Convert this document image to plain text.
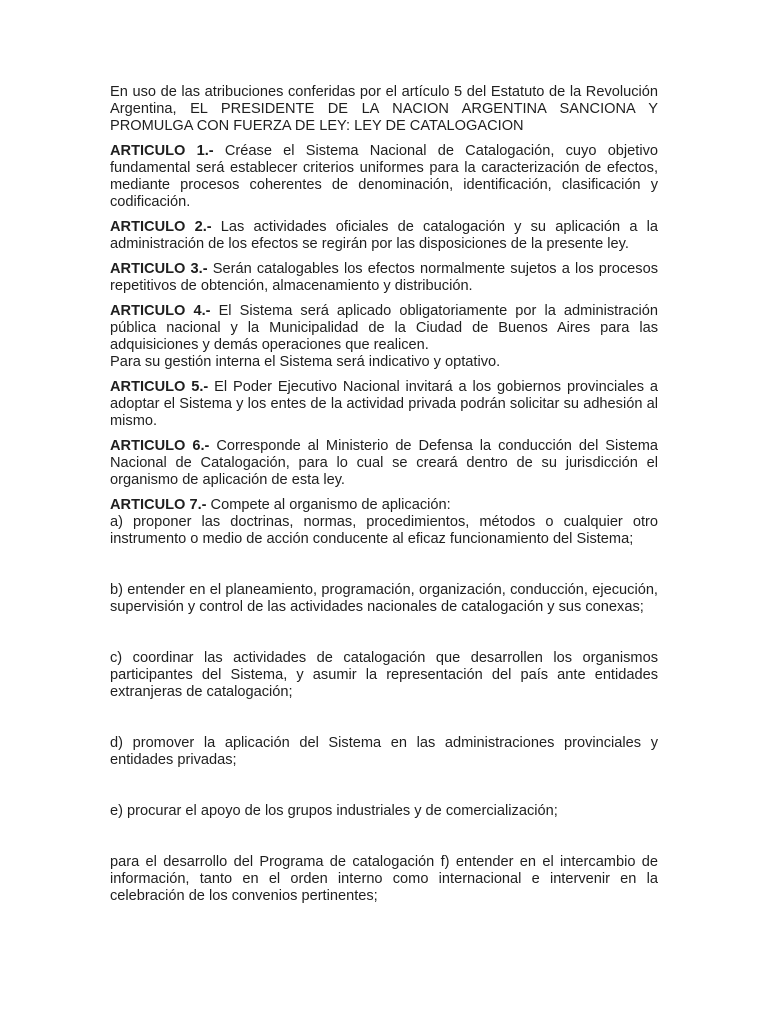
En uso de las atribuciones conferidas por el artículo 5 del Estatuto de la Revolución Argentina, EL PRESIDENTE DE LA NACION ARGENTINA SANCIONA Y PROMULGA CON FUERZA DE LEY: LEY DE CATALOGACION

ARTICULO 1.- Créase el Sistema Nacional de Catalogación, cuyo objetivo fundamental será establecer criterios uniformes para la caracterización de efectos, mediante procesos coherentes de denominación, identificación, clasificación y codificación.

ARTICULO 2.- Las actividades oficiales de catalogación y su aplicación a la administración de los efectos se regirán por las disposiciones de la presente ley.

ARTICULO 3.- Serán catalogables los efectos normalmente sujetos a los procesos repetitivos de obtención, almacenamiento y distribución.

ARTICULO 4.- El Sistema será aplicado obligatoriamente por la administración pública nacional y la Municipalidad de la Ciudad de Buenos Aires para las adquisiciones y demás operaciones que realicen.

Para su gestión interna el Sistema será indicativo y optativo.

ARTICULO 5.- El Poder Ejecutivo Nacional invitará a los gobiernos provinciales a adoptar el Sistema y los entes de la actividad privada podrán solicitar su adhesión al mismo.

ARTICULO 6.- Corresponde al Ministerio de Defensa la conducción del Sistema Nacional de Catalogación, para lo cual se creará dentro de su jurisdicción el organismo de aplicación de esta ley.

ARTICULO 7.- Compete al organismo de aplicación:

a) proponer las doctrinas, normas, procedimientos, métodos o cualquier otro instrumento o medio de acción conducente al eficaz funcionamiento del Sistema;

b) entender en el planeamiento, programación, organización, conducción, ejecución, supervisión y control de las actividades nacionales de catalogación y sus conexas;

c) coordinar las actividades de catalogación que desarrollen los organismos participantes del Sistema, y asumir la representación del país ante entidades extranjeras de catalogación;

d) promover la aplicación del Sistema en las administraciones provinciales y entidades privadas;

e) procurar el apoyo de los grupos industriales y de comercialización;

para el desarrollo del Programa de catalogación f) entender en el intercambio de información, tanto en el orden interno como internacional e intervenir en la celebración de los convenios pertinentes;
